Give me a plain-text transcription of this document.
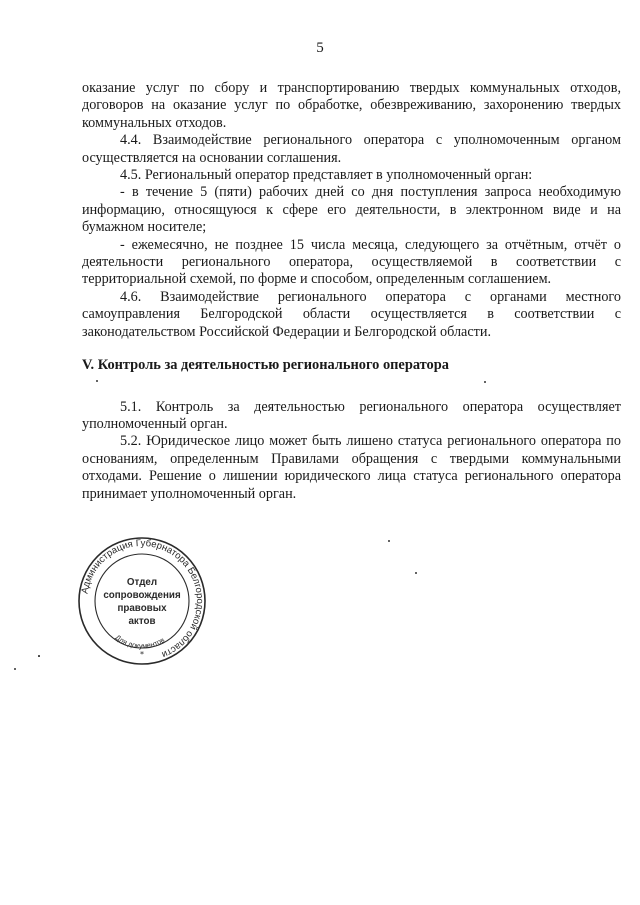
5

оказание услуг по сбору и транспортированию твердых коммунальных отходов, договоров на оказание услуг по обработке, обезвреживанию, захоронению твердых коммунальных отходов.

4.4. Взаимодействие регионального оператора с уполномоченным органом осуществляется на основании соглашения.

4.5. Региональный оператор представляет в уполномоченный орган:

- в течение 5 (пяти) рабочих дней со дня поступления запроса необходимую информацию, относящуюся к сфере его деятельности, в электронном виде и на бумажном носителе;

- ежемесячно, не позднее 15 числа месяца, следующего за отчётным, отчёт о деятельности регионального оператора, осуществляемой в соответствии с территориальной схемой, по форме и способом, определенным соглашением.

4.6. Взаимодействие регионального оператора с органами местного самоуправления Белгородской области осуществляется в соответствии с законодательством Российской Федерации и Белгородской области.

V. Контроль за деятельностью регионального оператора

5.1. Контроль за деятельностью регионального оператора осуществляет уполномоченный орган.

5.2. Юридическое лицо может быть лишено статуса регионального оператора по основаниям, определенным Правилами обращения с твердыми коммунальными отходами. Решение о лишении юридического лица статуса регионального оператора принимает уполномоченный орган.

Администрация Губернатора Белгородской области
Для документов
Отдел
сопровождения
правовых
актов
*
